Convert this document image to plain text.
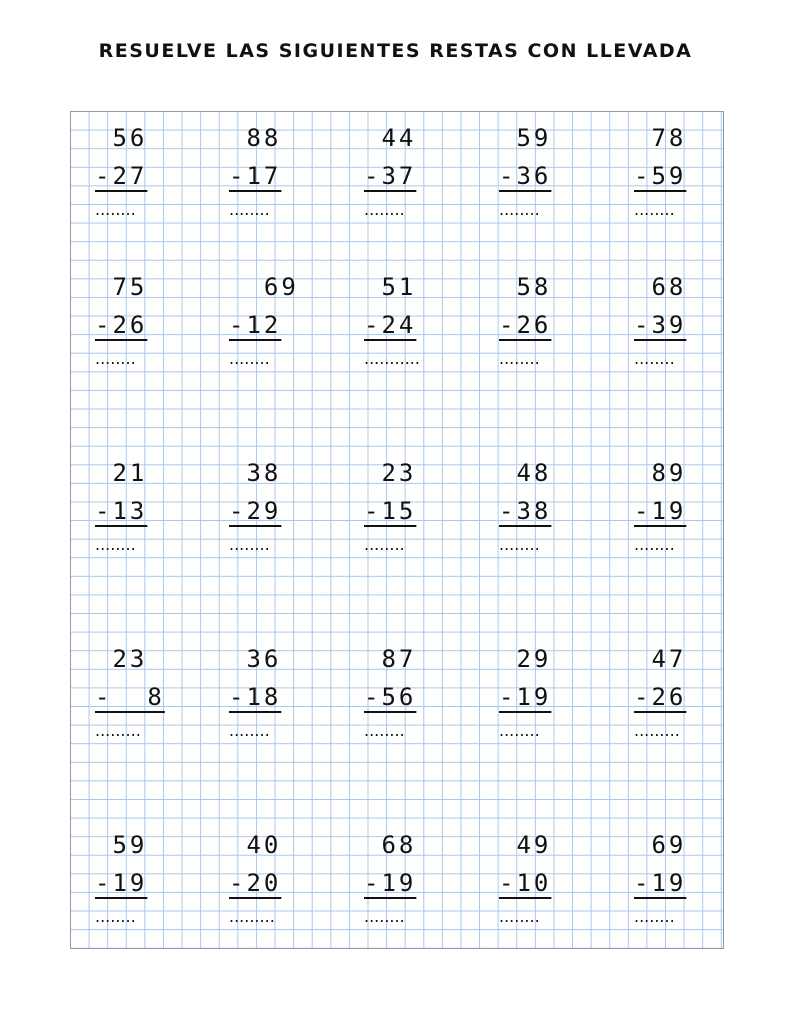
RESUELVE LAS SIGUIENTES RESTAS CON LLEVADA
56
-27
........
88
-17
........
44
-37
........
59
-36
........
78
-59
........
75
-26
........
69
-12
........
51
-24
...........
58
-26
........
68
-39
........
21
-13
........
38
-29
........
23
-15
........
48
-38
........
89
-19
........
23
-  8
.........
36
-18
........
87
-56
........
29
-19
........
47
-26
.........
59
-19
........
40
-20
.........
68
-19
........
49
-10
........
69
-19
........
